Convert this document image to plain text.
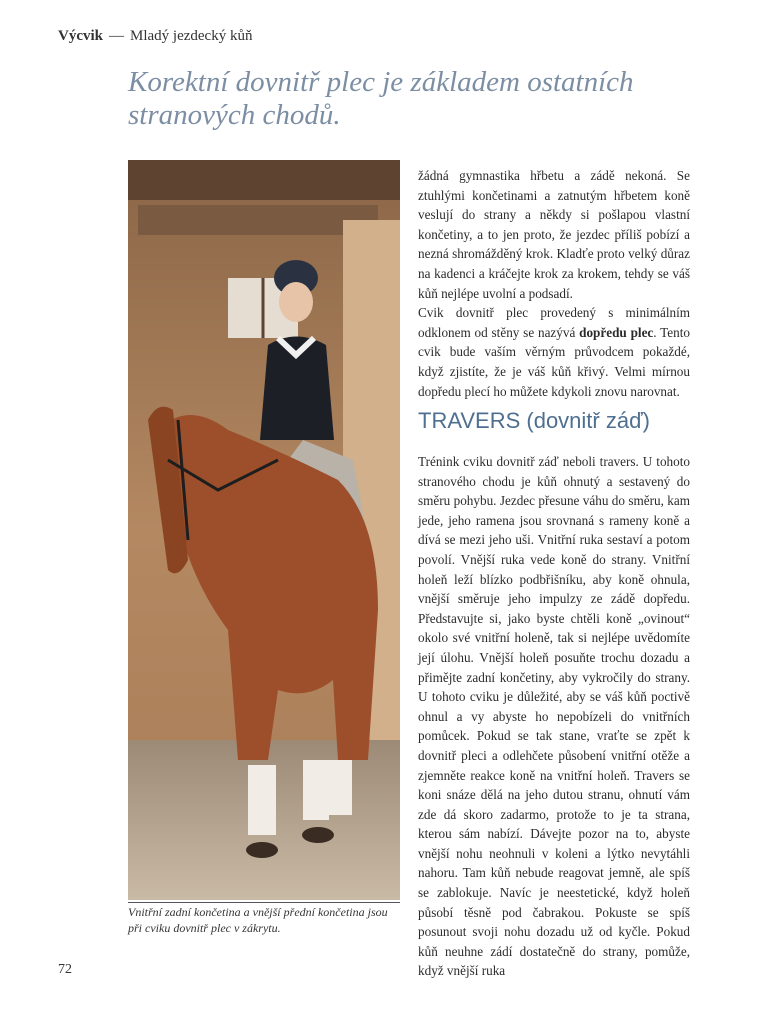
Výcvik — Mladý jezdecký kůň
Korektní dovnitř plec je základem ostatních stranových chodů.
Vnitřní zadní končetina a vnější přední končetina jsou při cviku dovnitř plec v zákrytu.

žádná gymnastika hřbetu a zádě nekoná. Se ztuhlými končetinami a zatnutým hřbetem koně veslují do strany a někdy si pošlapou vlastní končetiny, a to jen proto, že jezdec příliš pobízí a nezná shromážděný krok. Kladťe proto velký důraz na kadenci a kráčejte krok za krokem, tehdy se váš kůň nejlépe uvolní a podsadí.

Cvik dovnitř plec provedený s minimálním odklonem od stěny se nazývá dopředu plec. Tento cvik bude vaším věrným průvodcem pokaždé, když zjistíte, že je váš kůň křivý. Velmi mírnou dopředu plecí ho můžete kdykoli znovu narovnat.

TRAVERS (dovnitř záď)

Trénink cviku dovnitř záď neboli travers. U tohoto stranového chodu je kůň ohnutý a sestavený do směru pohybu. Jezdec přesune váhu do směru, kam jede, jeho ramena jsou srovnaná s rameny koně a dívá se mezi jeho uši. Vnitřní ruka sestaví a potom povolí. Vnější ruka vede koně do strany. Vnitřní holeň leží blízko podbřišníku, aby koně ohnula, vnější směruje jeho impulzy ze zádě dopředu. Představujte si, jako byste chtěli koně „ovinout“ okolo své vnitřní holeně, tak si nejlépe uvědomíte její úlohu. Vnější holeň posuňte trochu dozadu a přimějte zadní končetiny, aby vykročily do strany. U tohoto cviku je důležité, aby se váš kůň poctivě ohnul a vy abyste ho nepobízeli do vnitřních pomůcek. Pokud se tak stane, vraťte se zpět k dovnitř pleci a odlehčete působení vnitřní otěže a zjemněte reakce koně na vnitřní holeň. Travers se koni snáze dělá na jeho dutou stranu, ohnutí vám zde dá skoro zadarmo, protože to je ta strana, kterou sám nabízí. Dávejte pozor na to, abyste vnější nohu neohnuli v koleni a lýtko nevytáhli nahoru. Tam kůň nebude reagovat jemně, ale spíš se zablokuje. Navíc je neestetické, když holeň působí těsně pod čabrakou. Pokuste se spíš posunout svoji nohu dozadu už od kyčle. Pokud kůň neuhne zádí dostatečně do strany, pomůže, když vnější ruka

72
